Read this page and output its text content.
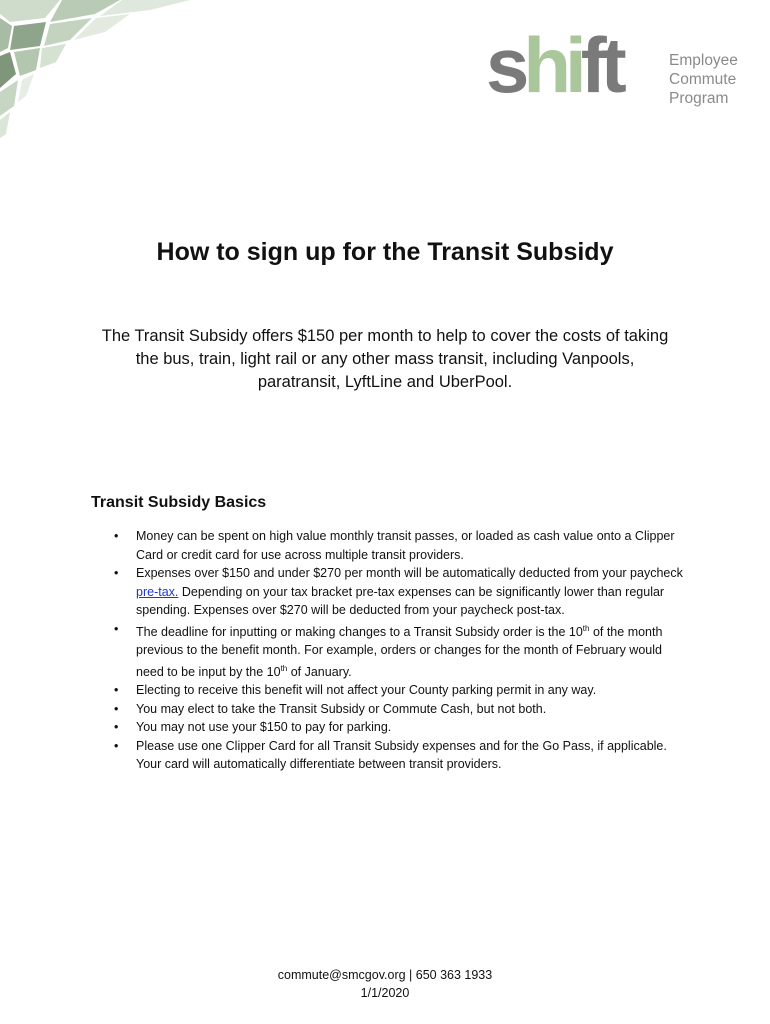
shift	Employee
Commute
Program
How to sign up for the Transit Subsidy

The Transit Subsidy offers $150 per month to help to cover the costs of taking the bus, train, light rail or any other mass transit, including Vanpools, paratransit, LyftLine and UberPool.

Transit Subsidy Basics
• Money can be spent on high value monthly transit passes, or loaded as cash value onto a Clipper Card or credit card for use across multiple transit providers.
• Expenses over $150 and under $270 per month will be automatically deducted from your paycheck pre-tax. Depending on your tax bracket pre-tax expenses can be significantly lower than regular spending. Expenses over $270 will be deducted from your paycheck post-tax.
• The deadline for inputting or making changes to a Transit Subsidy order is the 10th of the month previous to the benefit month. For example, orders or changes for the month of February would need to be input by the 10th of January.
• Electing to receive this benefit will not affect your County parking permit in any way.
• You may elect to take the Transit Subsidy or Commute Cash, but not both.
• You may not use your $150 to pay for parking.
• Please use one Clipper Card for all Transit Subsidy expenses and for the Go Pass, if applicable. Your card will automatically differentiate between transit providers.
commute@smcgov.org | 650 363 1933
1/1/2020
